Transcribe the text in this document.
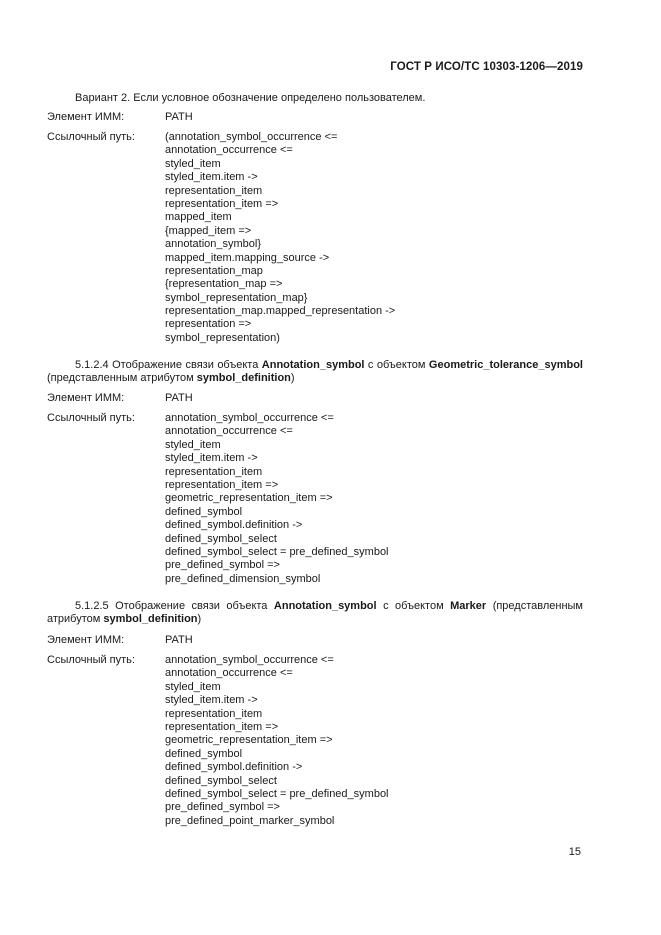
ГОСТ Р ИСО/ТС 10303-1206—2019
Вариант 2. Если условное обозначение определено пользователем.
Элемент ИММ:	PATH
Ссылочный путь:	(annotation_symbol_occurrence <=
annotation_occurrence <=
styled_item
styled_item.item ->
representation_item
representation_item =>
mapped_item
{mapped_item =>
annotation_symbol}
mapped_item.mapping_source ->
representation_map
{representation_map =>
symbol_representation_map}
representation_map.mapped_representation ->
representation =>
symbol_representation)
5.1.2.4 Отображение связи объекта Annotation_symbol с объектом Geometric_tolerance_symbol (представленным атрибутом symbol_definition)
Элемент ИММ:	PATH
Ссылочный путь:	annotation_symbol_occurrence <=
annotation_occurrence <=
styled_item
styled_item.item ->
representation_item
representation_item =>
geometric_representation_item =>
defined_symbol
defined_symbol.definition ->
defined_symbol_select
defined_symbol_select = pre_defined_symbol
pre_defined_symbol =>
pre_defined_dimension_symbol
5.1.2.5 Отображение связи объекта Annotation_symbol с объектом Marker (представленным атрибутом symbol_definition)
Элемент ИММ:	PATH
Ссылочный путь:	annotation_symbol_occurrence <=
annotation_occurrence <=
styled_item
styled_item.item ->
representation_item
representation_item =>
geometric_representation_item =>
defined_symbol
defined_symbol.definition ->
defined_symbol_select
defined_symbol_select = pre_defined_symbol
pre_defined_symbol =>
pre_defined_point_marker_symbol
15
